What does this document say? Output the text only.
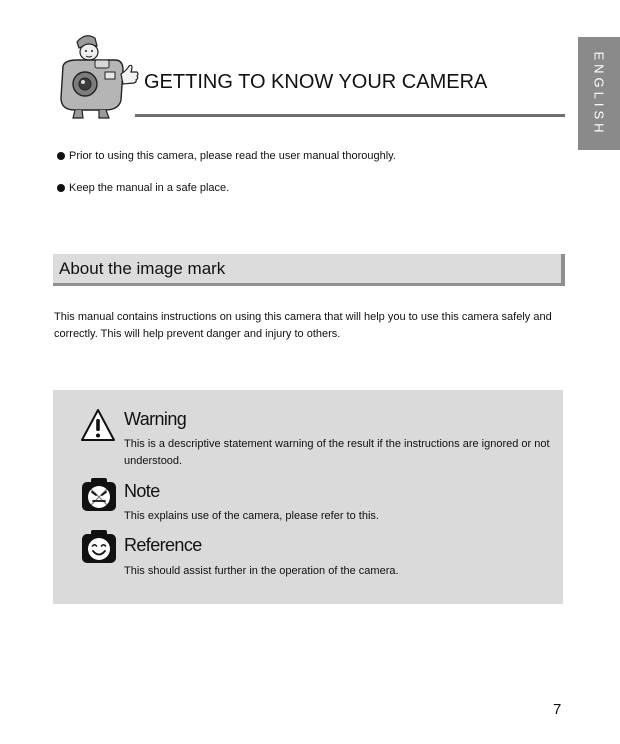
ENGLISH
GETTING TO KNOW YOUR CAMERA
Prior to using this camera, please read the user manual thoroughly.
Keep the manual in a safe place.
About the image mark
This manual contains instructions on using this camera that will help you to use this camera safely and correctly. This will help prevent danger and injury to others.
Warning
This is a descriptive statement warning of the result if the instructions are ignored or not understood.
Note
This explains use of the camera, please refer to this.
Reference
This should assist further in the operation of the camera.
7
